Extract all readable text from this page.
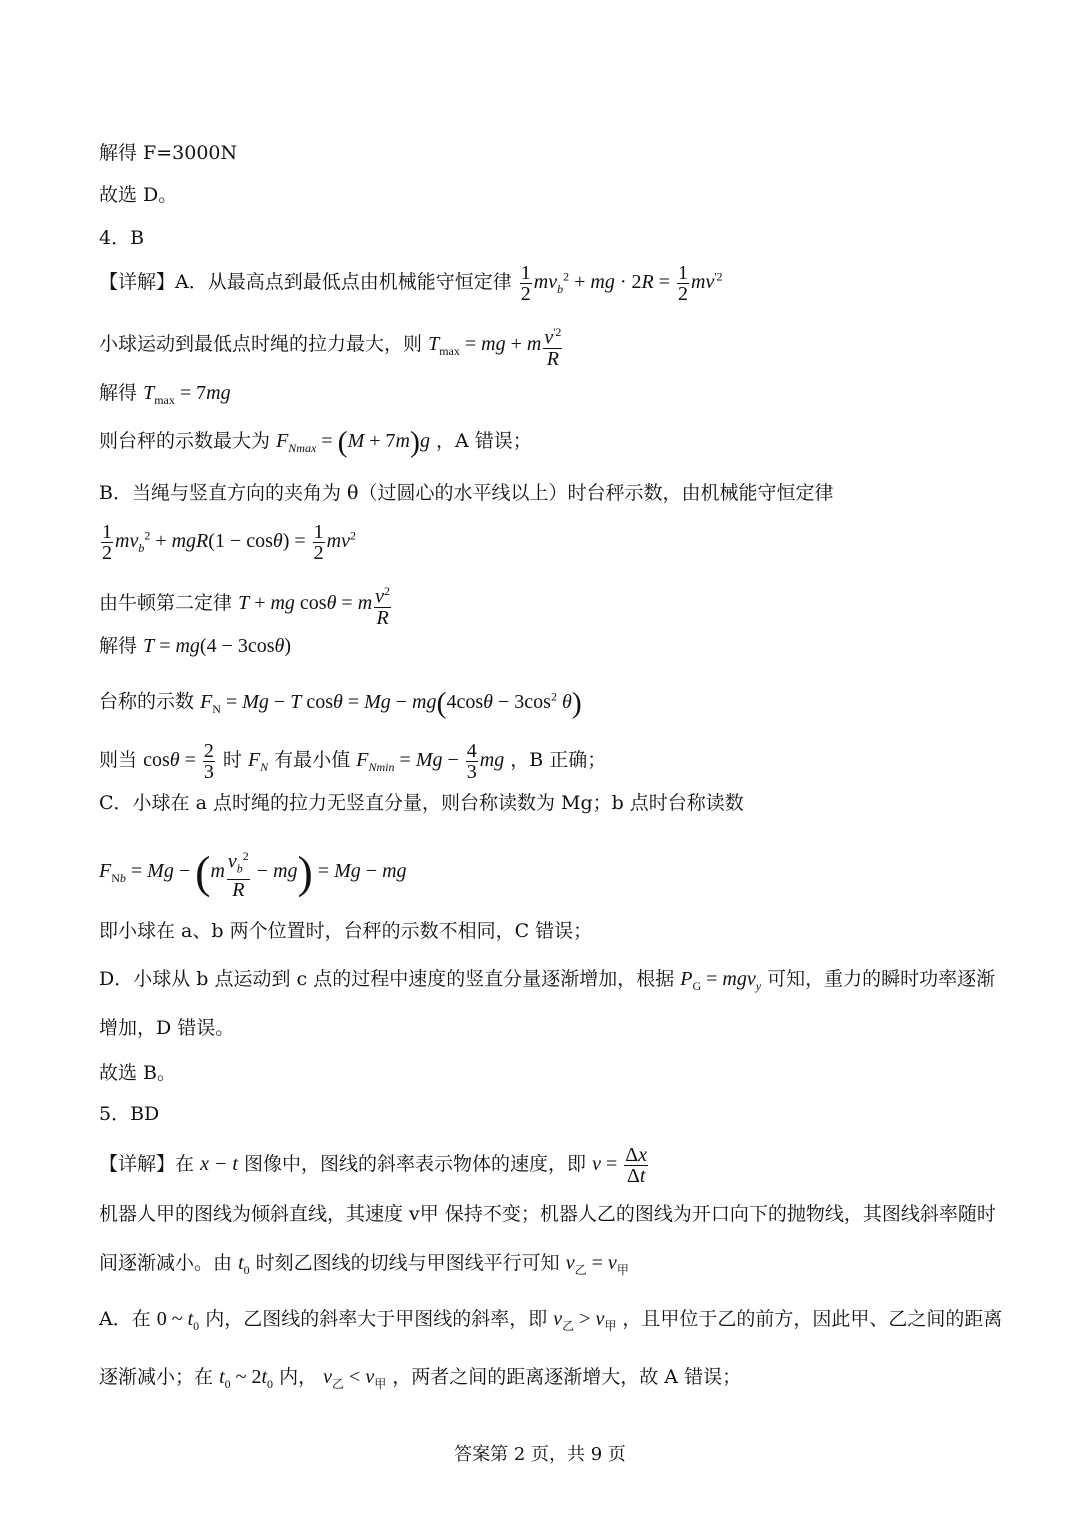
解得 F=3000N
故选 D。
4．B
【详解】A．从最高点到最低点由机械能守恒定律 $\frac{1}{2} mv_b^2$ + mg · $2R = \frac{1}{2} mv^{'2}$
小球运动到最低点时绳的拉力最大，则 $T_{max}$ = mg + m $\frac{v^{'2}}{R}$
解得 $T_{max} = 7mg$
则台秤的示数最大为 $F_{Nmax} = (M + 7m)g$ ，A 错误；
B．当绳与竖直方向的夹角为 θ（过圆心的水平线以上）时台秤示数，由机械能守恒定律
$\frac{1}{2} mv_b^2 + mgR(1 - \cos\theta) = \frac{1}{2} mv^2$
由牛顿第二定律 T + mg cosθ = m $\frac{v^2}{R}$
解得 T = mg(4 − 3cosθ)
台称的示数 $F_N = Mg - T$ $\cos\theta = Mg - mg(4\cos\theta - 3\cos^2$ θ)
则当 $\cos\theta = \frac{2}{3}$ 时 $F_N$ 有最小值 $F_{Nmin} = Mg - \frac{4}{3}$ mg ，B 正确；
C．小球在 a 点时绳的拉力无竖直分量，则台称读数为 Mg；b 点时台称读数
$F_{Nb} = Mg - (m \frac{v_b^2}{R} - mg) = Mg$ − mg
即小球在 a、b 两个位置时，台秤的示数不相同，C 错误；
D．小球从 b 点运动到 c 点的过程中速度的竖直分量逐渐增加，根据 $P_G = mgv_y$ 可知，重力的瞬时功率逐渐
增加，D 错误。
故选 B。
5．BD
【详解】在 x − t 图像中，图线的斜率表示物体的速度，即 $v = \frac{\Delta x}{\Delta t}$
机器人甲的图线为倾斜直线，其速度 v甲 保持不变；机器人乙的图线为开口向下的抛物线，其图线斜率随时
间逐渐减小。由 $t_0$ 时刻乙图线的切线与甲图线平行可知 $v_乙 = v_甲$
A．在 0 ~ $t_0$ 内，乙图线的斜率大于甲图线的斜率，即 $v_乙 > v_甲$ ，且甲位于乙的前方，因此甲、乙之间的距离
逐渐减小；在 $t_0$ ~ $2t_0$ 内， $v_乙 < v_甲$ ，两者之间的距离逐渐增大，故 A 错误；
答案第 2 页，共 9 页
